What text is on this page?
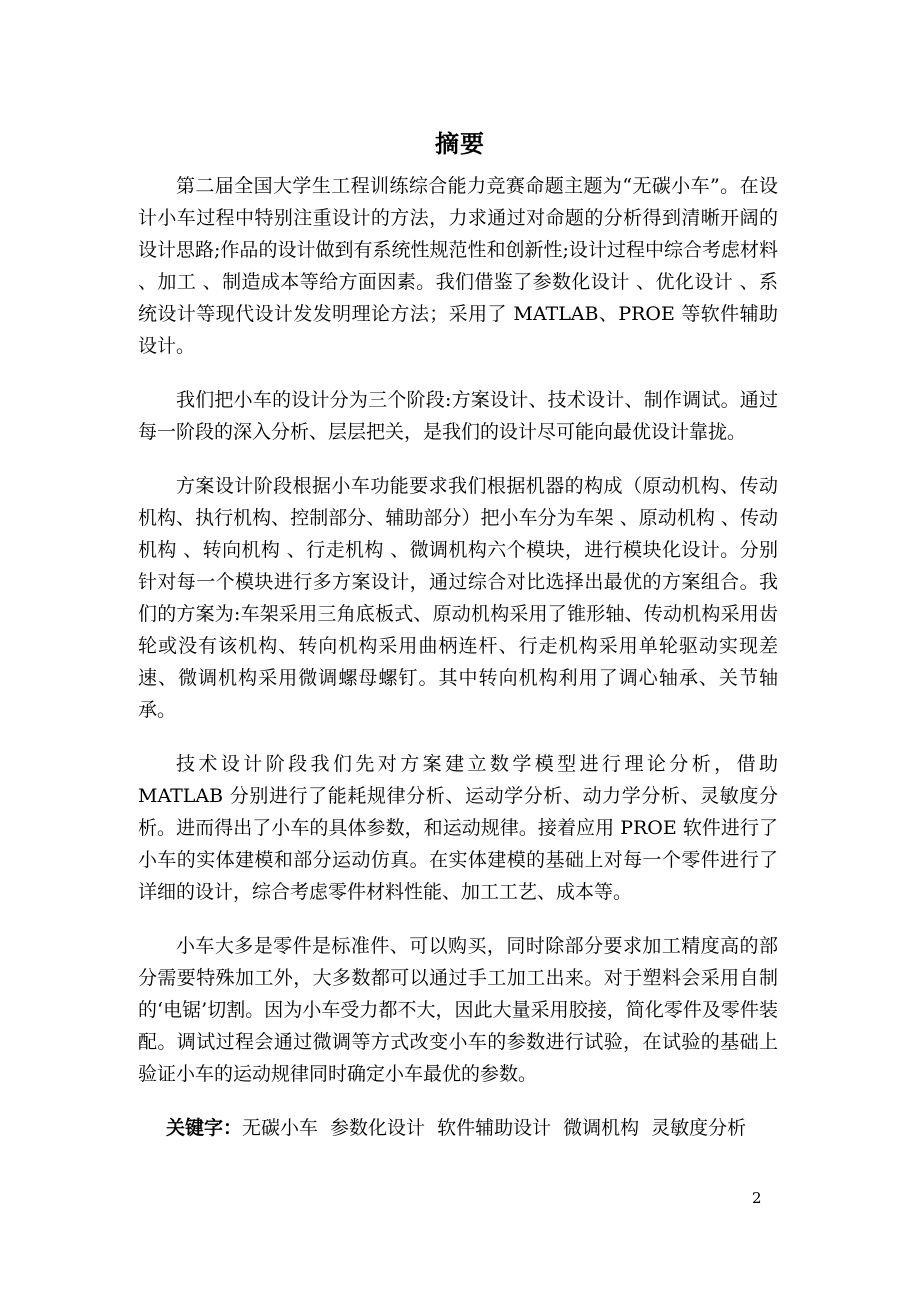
摘要

第二届全国大学生工程训练综合能力竞赛命题主题为“无碳小车”。在设计小车过程中特别注重设计的方法，力求通过对命题的分析得到清晰开阔的设计思路;作品的设计做到有系统性规范性和创新性;设计过程中综合考虑材料 、加工 、制造成本等给方面因素。我们借鉴了参数化设计 、优化设计 、系统设计等现代设计发发明理论方法；采用了 MATLAB、PROE 等软件辅助设计。

我们把小车的设计分为三个阶段:方案设计、技术设计、制作调试。通过每一阶段的深入分析、层层把关，是我们的设计尽可能向最优设计靠拢。

方案设计阶段根据小车功能要求我们根据机器的构成（原动机构、传动机构、执行机构、控制部分、辅助部分）把小车分为车架 、原动机构 、传动机构 、转向机构 、行走机构 、微调机构六个模块，进行模块化设计。分别针对每一个模块进行多方案设计，通过综合对比选择出最优的方案组合。我们的方案为:车架采用三角底板式、原动机构采用了锥形轴、传动机构采用齿轮或没有该机构、转向机构采用曲柄连杆、行走机构采用单轮驱动实现差速、微调机构采用微调螺母螺钉。其中转向机构利用了调心轴承、关节轴承。

技术设计阶段我们先对方案建立数学模型进行理论分析，借助 MATLAB 分别进行了能耗规律分析、运动学分析、动力学分析、灵敏度分析。进而得出了小车的具体参数，和运动规律。接着应用 PROE 软件进行了小车的实体建模和部分运动仿真。在实体建模的基础上对每一个零件进行了详细的设计，综合考虑零件材料性能、加工工艺、成本等。

小车大多是零件是标准件、可以购买，同时除部分要求加工精度高的部分需要特殊加工外，大多数都可以通过手工加工出来。对于塑料会采用自制的‘电锯’切割。因为小车受力都不大，因此大量采用胶接，简化零件及零件装配。调试过程会通过微调等方式改变小车的参数进行试验，在试验的基础上验证小车的运动规律同时确定小车最优的参数。

关键字：无碳小车 参数化设计 软件辅助设计 微调机构 灵敏度分析
2
